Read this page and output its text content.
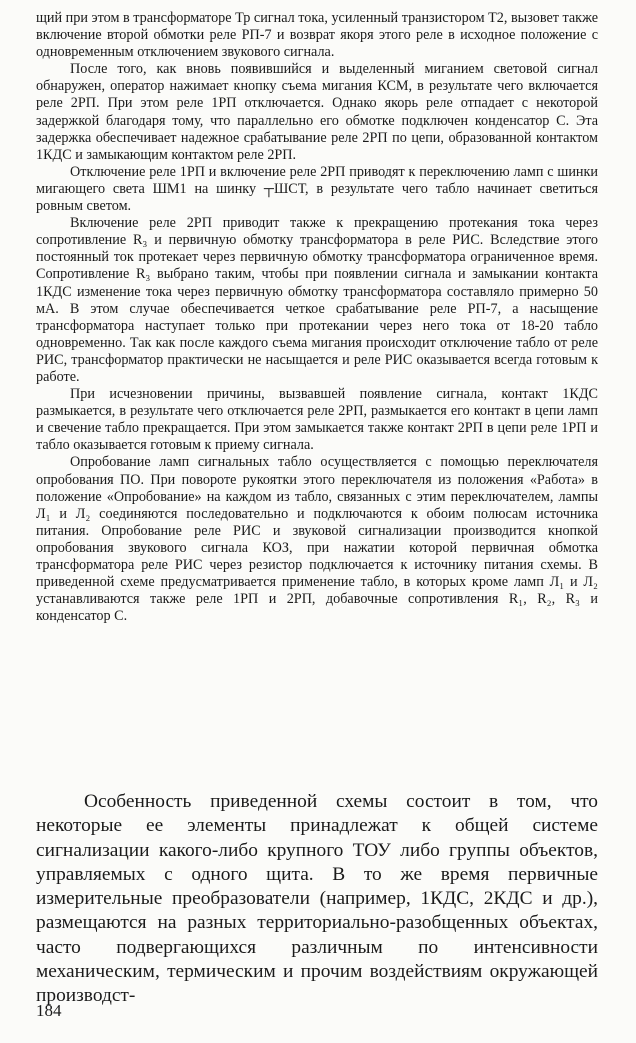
щий при этом в трансформаторе Тр сигнал тока, усиленный транзистором Т2, вызовет также включение второй обмотки реле РП-7 и возврат якоря этого реле в исходное положение с одновременным отключением звукового сигнала.

После того, как вновь появившийся и выделенный миганием световой сигнал обнаружен, оператор нажимает кнопку съема мигания КСМ, в результате чего включается реле 2РП. При этом реле 1РП отключается. Однако якорь реле отпадает с некоторой задержкой благодаря тому, что параллельно его обмотке подключен конденсатор С. Эта задержка обеспечивает надежное срабатывание реле 2РП по цепи, образованной контактом 1КДС и замыкающим контактом реле 2РП.

Отключение реле 1РП и включение реле 2РП приводят к переключению ламп с шинки мигающего света ШМ1 на шинку ┬ШСТ, в результате чего табло начинает светиться ровным светом.

Включение реле 2РП приводит также к прекращению протекания тока через сопротивление R₃ и первичную обмотку трансформатора в реле РИС. Вследствие этого постоянный ток протекает через первичную обмотку трансформатора ограниченное время. Сопротивление R₃ выбрано таким, чтобы при появлении сигнала и замыкании контакта 1КДС изменение тока через первичную обмотку трансформатора составляло примерно 50 мА. В этом случае обеспечивается четкое срабатывание реле РП-7, а насыщение трансформатора наступает только при протекании через него тока от 18-20 табло одновременно. Так как после каждого съема мигания происходит отключение табло от реле РИС, трансформатор практически не насыщается и реле РИС оказывается всегда готовым к работе.

При исчезновении причины, вызвавшей появление сигнала, контакт 1КДС размыкается, в результате чего отключается реле 2РП, размыкается его контакт в цепи ламп и свечение табло прекращается. При этом замыкается также контакт 2РП в цепи реле 1РП и табло оказывается готовым к приему сигнала.

Опробование ламп сигнальных табло осуществляется с помощью переключателя опробования ПО. При повороте рукоятки этого переключателя из положения «Работа» в положение «Опробование» на каждом из табло, связанных с этим переключателем, лампы Л₁ и Л₂ соединяются последовательно и подключаются к обоим полюсам источника питания. Опробование реле РИС и звуковой сигнализации производится кнопкой опробования звукового сигнала КОЗ, при нажатии которой первичная обмотка трансформатора реле РИС через резистор подключается к источнику питания схемы. В приведенной схеме предусматривается применение табло, в которых кроме ламп Л₁ и Л₂ устанавливаются также реле 1РП и 2РП, добавочные сопротивления R₁, R₂, R₃ и конденсатор С.

Особенность приведенной схемы состоит в том, что некоторые ее элементы принадлежат к общей системе сигнализации какого-либо крупного ТОУ либо группы объектов, управляемых с одного щита. В то же время первичные измерительные преобразователи (например, 1КДС, 2КДС и др.), размещаются на разных территориально-разобщенных объектах, часто подвергающихся различным по интенсивности механическим, термическим и прочим воздействиям окружающей производст-

184
